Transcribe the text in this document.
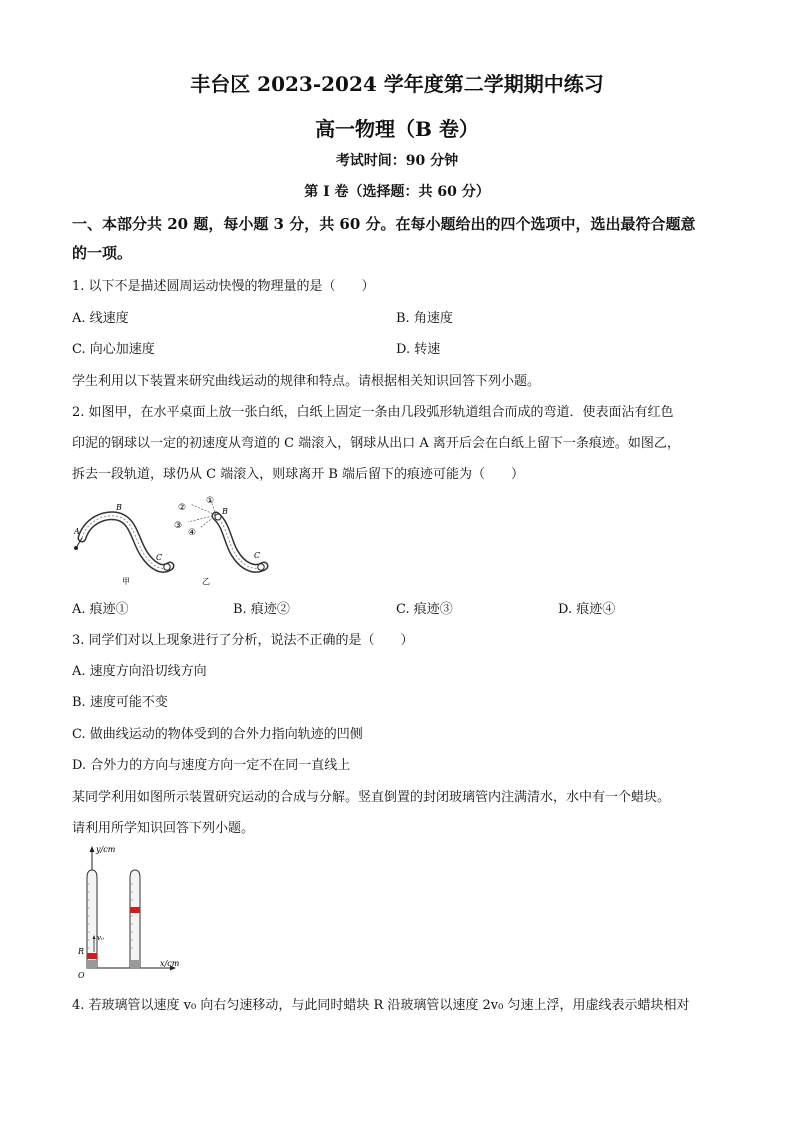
丰台区 2023-2024 学年度第二学期期中练习
高一物理（B 卷）
考试时间：90 分钟
第 I 卷（选择题：共 60 分）
一、本部分共 20 题，每小题 3 分，共 60 分。在每小题给出的四个选项中，选出最符合题意
的一项。
1. 以下不是描述圆周运动快慢的物理量的是（　　）
A. 线速度	B. 角速度
C. 向心加速度	D. 转速
学生利用以下装置来研究曲线运动的规律和特点。请根据相关知识回答下列小题。
2. 如图甲，在水平桌面上放一张白纸，白纸上固定一条由几段弧形轨道组合而成的弯道．使表面沾有红色
印泥的钢球以一定的初速度从弯道的 C 端滚入，钢球从出口 A 离开后会在白纸上留下一条痕迹。如图乙，
拆去一段轨道，球仍从 C 端滚入，则球离开 B 端后留下的痕迹可能为（　　）
A
B
C
甲
①
②
③
④
B
C
乙
A. 痕迹①	B. 痕迹②	C. 痕迹③	D. 痕迹④
3. 同学们对以上现象进行了分析，说法不正确的是（　　）
A. 速度方向沿切线方向
B. 速度可能不变
C. 做曲线运动的物体受到的合外力指向轨迹的凹侧
D. 合外力的方向与速度方向一定不在同一直线上
某同学利用如图所示装置研究运动的合成与分解。竖直倒置的封闭玻璃管内注满清水，水中有一个蜡块。
请利用所学知识回答下列小题。
y/cm
x/cm
O
R
v₀
4. 若玻璃管以速度 v₀ 向右匀速移动，与此同时蜡块 R 沿玻璃管以速度 2v₀ 匀速上浮，用虚线表示蜡块相对
